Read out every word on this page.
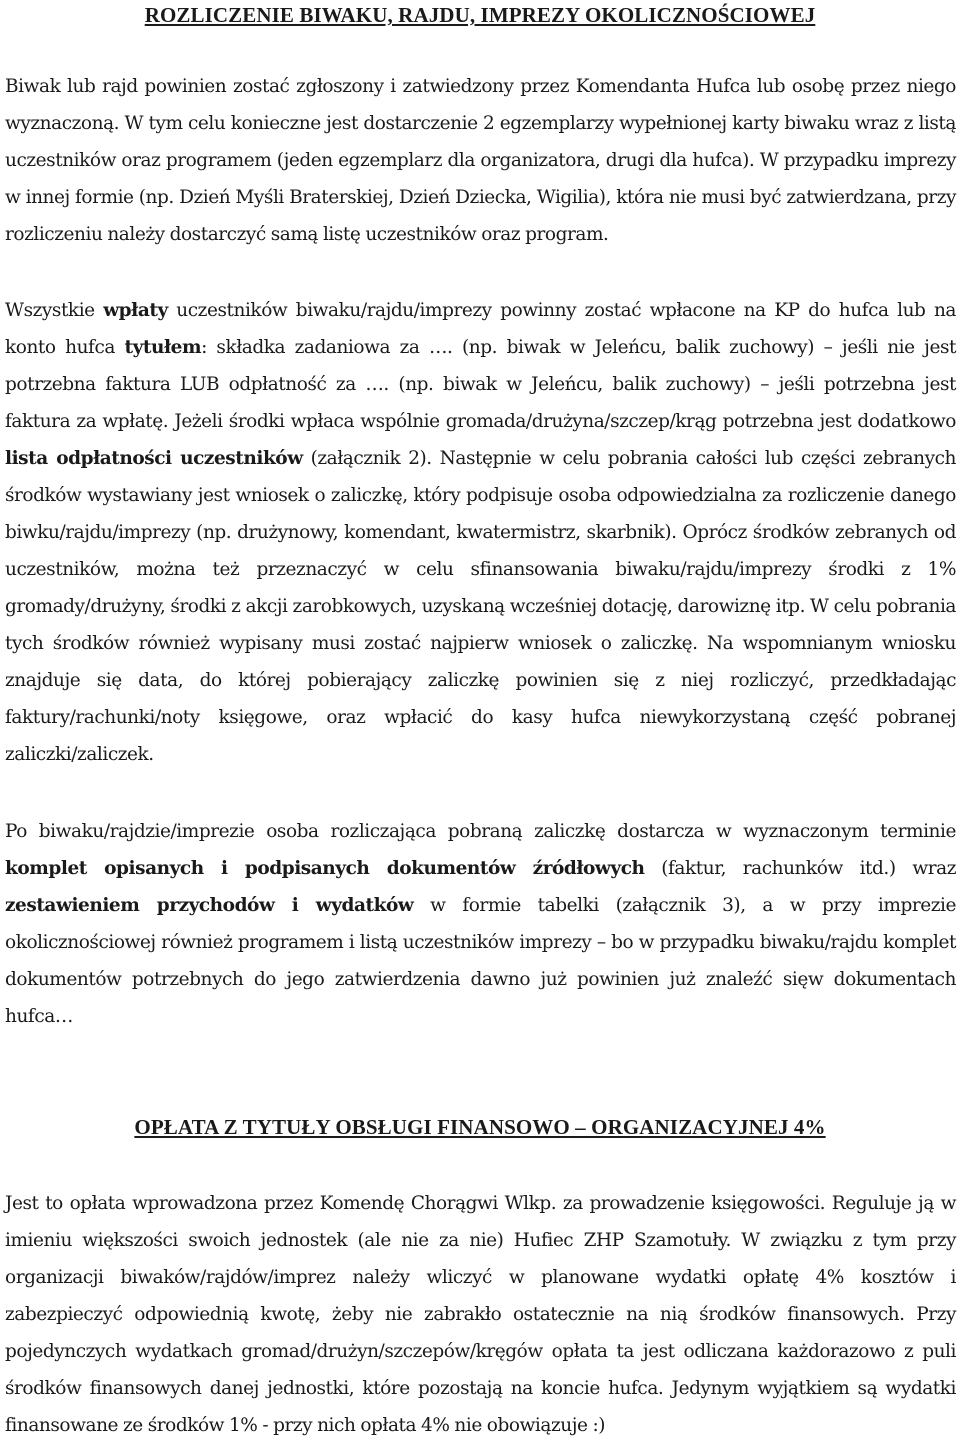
ROZLICZENIE BIWAKU, RAJDU, IMPREZY OKOLICZNOŚCIOWEJ

Biwak lub rajd powinien zostać zgłoszony i zatwiedzony przez Komendanta Hufca lub osobę przez niego wyznaczoną. W tym celu konieczne jest dostarczenie 2 egzemplarzy wypełnionej karty biwaku wraz z listą uczestników oraz programem (jeden egzemplarz dla organizatora, drugi dla hufca). W przypadku imprezy w innej formie (np. Dzień Myśli Braterskiej, Dzień Dziecka, Wigilia), która nie musi być zatwierdzana, przy rozliczeniu należy dostarczyć samą listę uczestników oraz program.

Wszystkie wpłaty uczestników biwaku/rajdu/imprezy powinny zostać wpłacone na KP do hufca lub na konto hufca tytułem: składka zadaniowa za …. (np. biwak w Jeleńcu, balik zuchowy) – jeśli nie jest potrzebna faktura LUB odpłatność za …. (np. biwak w Jeleńcu, balik zuchowy) – jeśli potrzebna jest faktura za wpłatę. Jeżeli środki wpłaca wspólnie gromada/drużyna/szczep/krąg potrzebna jest dodatkowo lista odpłatności uczestników (załącznik 2). Następnie w celu pobrania całości lub części zebranych środków wystawiany jest wniosek o zaliczkę, który podpisuje osoba odpowiedzialna za rozliczenie danego biwku/rajdu/imprezy (np. drużynowy, komendant, kwatermistrz, skarbnik). Oprócz środków zebranych od uczestników, można też przeznaczyć w celu sfinansowania biwaku/rajdu/imprezy środki z 1% gromady/drużyny, środki z akcji zarobkowych, uzyskaną wcześniej dotację, darowiznę itp. W celu pobrania tych środków również wypisany musi zostać najpierw wniosek o zaliczkę. Na wspomnianym wniosku znajduje się data, do której pobierający zaliczkę powinien się z niej rozliczyć, przedkładając faktury/rachunki/noty księgowe, oraz wpłacić do kasy hufca niewykorzystaną część pobranej zaliczki/zaliczek.

Po biwaku/rajdzie/imprezie osoba rozliczająca pobraną zaliczkę dostarcza w wyznaczonym terminie komplet opisanych i podpisanych dokumentów źródłowych (faktur, rachunków itd.) wraz zestawieniem przychodów i wydatków w formie tabelki (załącznik 3), a w przy imprezie okolicznościowej również programem i listą uczestników imprezy – bo w przypadku biwaku/rajdu komplet dokumentów potrzebnych do jego zatwierdzenia dawno już powinien już znaleźć sięw dokumentach hufca…

OPŁATA Z TYTUŁY OBSŁUGI FINANSOWO – ORGANIZACYJNEJ 4%

Jest to opłata wprowadzona przez Komendę Chorągwi Wlkp. za prowadzenie księgowości. Reguluje ją w imieniu większości swoich jednostek (ale nie za nie) Hufiec ZHP Szamotuły. W związku z tym przy organizacji biwaków/rajdów/imprez należy wliczyć w planowane wydatki opłatę 4% kosztów i zabezpieczyć odpowiednią kwotę, żeby nie zabrakło ostatecznie na nią środków finansowych. Przy pojedynczych wydatkach gromad/drużyn/szczepów/kręgów opłata ta jest odliczana każdorazowo z puli środków finansowych danej jednostki, które pozostają na koncie hufca. Jedynym wyjątkiem są wydatki finansowane ze środków 1% - przy nich opłata 4% nie obowiązuje :)
